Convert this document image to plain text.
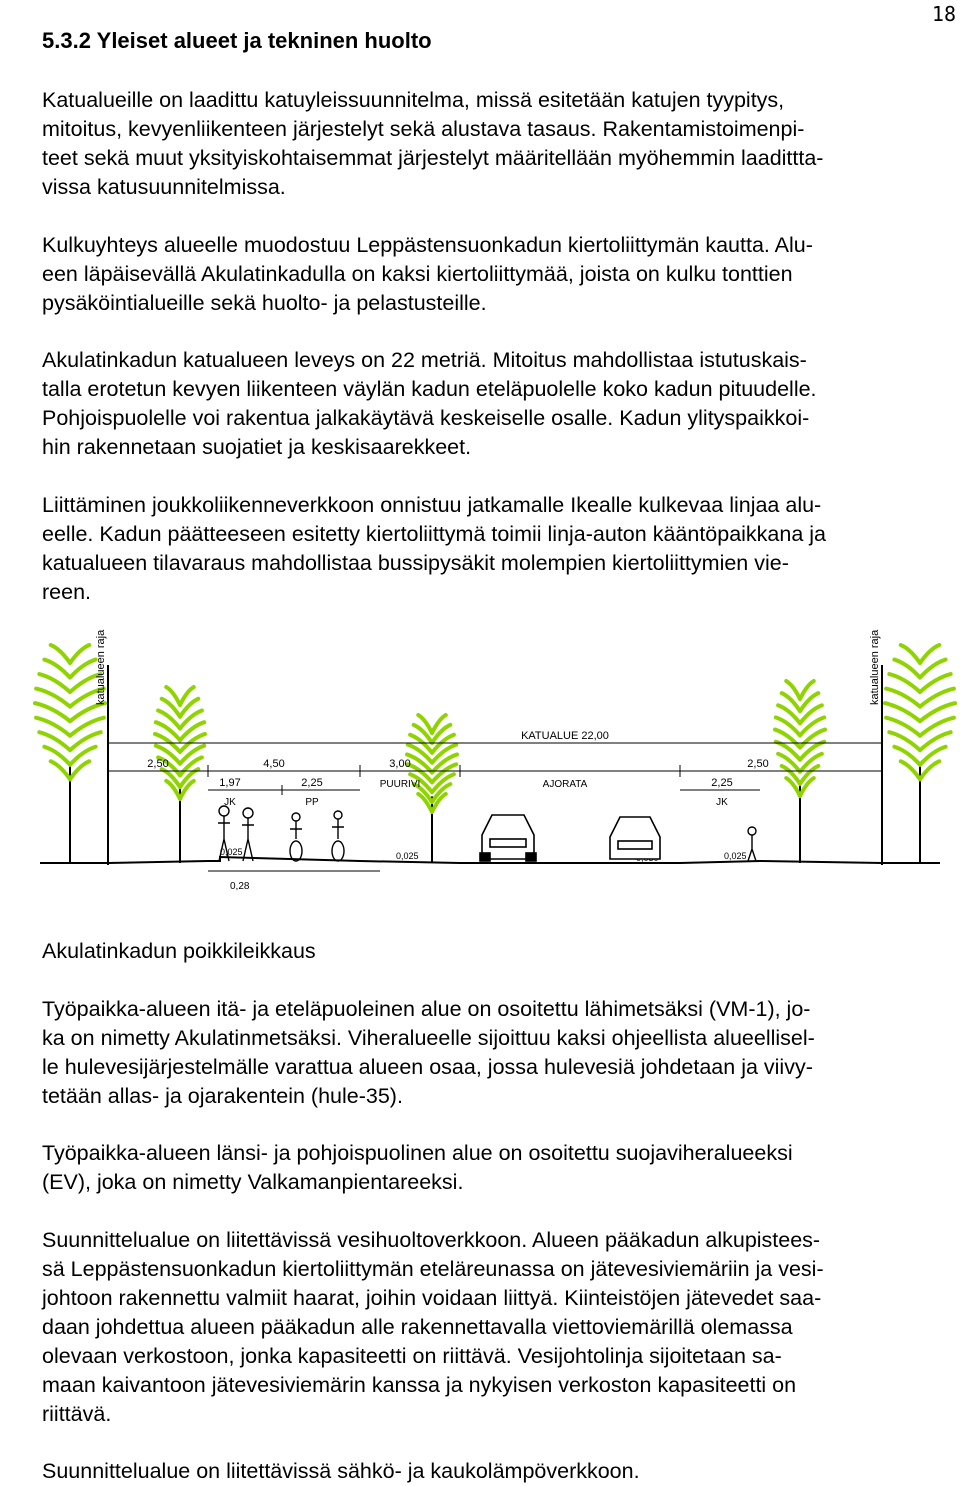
18
5.3.2 Yleiset alueet ja tekninen huolto

Katualueille on laadittu katuyleissuunnitelma, missä esitetään katujen tyypitys,
mitoitus, kevyenliikenteen järjestelyt sekä alustava tasaus. Rakentamistoimenpi-
teet sekä muut yksityiskohtaisemmat järjestelyt määritellään myöhemmin laadittta-
vissa katusuunnitelmissa.

Kulkuyhteys alueelle muodostuu Leppästensuonkadun kiertoliittymän kautta. Alu-
een läpäisevällä Akulatinkadulla on kaksi kiertoliittymää, joista on kulku tonttien
pysäköintialueille sekä huolto- ja pelastusteille.

Akulatinkadun katualueen leveys on 22 metriä. Mitoitus mahdollistaa istutuskais-
talla erotetun kevyen liikenteen väylän kadun eteläpuolelle koko kadun pituudelle.
Pohjoispuolelle voi rakentua jalkakäytävä keskeiselle osalle. Kadun ylityspaikkoi-
hin rakennetaan suojatiet ja keskisaarekkeet.

Liittäminen joukkoliikenneverkkoon onnistuu jatkamalle Ikealle kulkevaa linjaa alu-
eelle. Kadun päätteeseen esitetty kiertoliittymä toimii linja-auton kääntöpaikkana ja
katualueen tilavaraus mahdollistaa bussipysäkit molempien kiertoliittymien vie-
reen.

katualueen raja	katualueen raja
KATUALUE 22,00
2,50	4,50	3,00	2,50
1,97	2,25	2,25
JK	PP
PUURIVI	AJORATA
JK
0,025	0,025	0,025
0,28

Akulatinkadun poikkileikkaus

Työpaikka-alueen itä- ja eteläpuoleinen alue on osoitettu lähimetsäksi (VM-1), jo-
ka on nimetty Akulatinmetsäksi. Viheralueelle sijoittuu kaksi ohjeellista alueellisel-
le hulevesijärjestelmälle varattua alueen osaa, jossa hulevesiä johdetaan ja viivy-
tetään allas- ja ojarakentein (hule-35).

Työpaikka-alueen länsi- ja pohjoispuolinen alue on osoitettu suojaviheralueeksi
(EV), joka on nimetty Valkamanpientareeksi.

Suunnittelualue on liitettävissä vesihuoltoverkkoon. Alueen pääkadun alkupistees-
sä Leppästensuonkadun kiertoliittymän eteläreunassa on jätevesiviemäriin ja vesi-
johtoon rakennettu valmiit haarat, joihin voidaan liittyä. Kiinteistöjen jätevedet saa-
daan johdettua alueen pääkadun alle rakennettavalla viettoviemärillä olemassa
olevaan verkostoon, jonka kapasiteetti on riittävä. Vesijohtolinja sijoitetaan sa-
maan kaivantoon jätevesiviemärin kanssa ja nykyisen verkoston kapasiteetti on
riittävä.

Suunnittelualue on liitettävissä sähkö- ja kaukolämpöverkkoon.
